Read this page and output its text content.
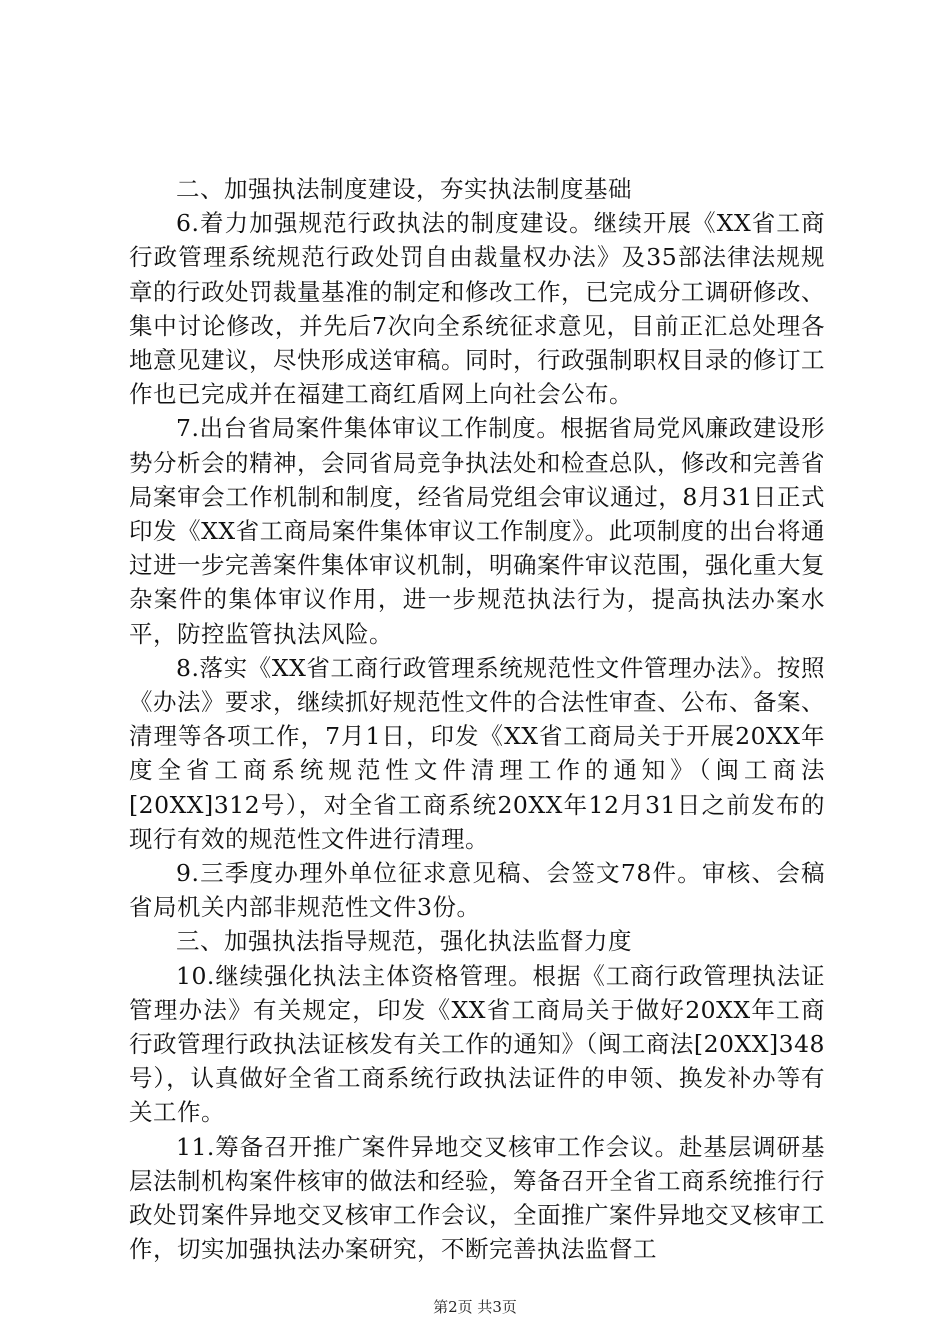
二、加强执法制度建设，夯实执法制度基础

6.着力加强规范行政执法的制度建设。继续开展《XX省工商行政管理系统规范行政处罚自由裁量权办法》及35部法律法规规章的行政处罚裁量基准的制定和修改工作，已完成分工调研修改、集中讨论修改，并先后7次向全系统征求意见，目前正汇总处理各地意见建议，尽快形成送审稿。同时，行政强制职权目录的修订工作也已完成并在福建工商红盾网上向社会公布。

7.出台省局案件集体审议工作制度。根据省局党风廉政建设形势分析会的精神，会同省局竞争执法处和检查总队，修改和完善省局案审会工作机制和制度，经省局党组会审议通过，8月31日正式印发《XX省工商局案件集体审议工作制度》。此项制度的出台将通过进一步完善案件集体审议机制，明确案件审议范围，强化重大复杂案件的集体审议作用，进一步规范执法行为，提高执法办案水平，防控监管执法风险。

8.落实《XX省工商行政管理系统规范性文件管理办法》。按照《办法》要求，继续抓好规范性文件的合法性审查、公布、备案、清理等各项工作，7月1日，印发《XX省工商局关于开展20XX年度全省工商系统规范性文件清理工作的通知》（闽工商法[20XX]312号），对全省工商系统20XX年12月31日之前发布的现行有效的规范性文件进行清理。

9.三季度办理外单位征求意见稿、会签文78件。审核、会稿省局机关内部非规范性文件3份。

三、加强执法指导规范，强化执法监督力度

10.继续强化执法主体资格管理。根据《工商行政管理执法证管理办法》有关规定，印发《XX省工商局关于做好20XX年工商行政管理行政执法证核发有关工作的通知》（闽工商法[20XX]348号），认真做好全省工商系统行政执法证件的申领、换发补办等有关工作。

11.筹备召开推广案件异地交叉核审工作会议。赴基层调研基层法制机构案件核审的做法和经验，筹备召开全省工商系统推行行政处罚案件异地交叉核审工作会议，全面推广案件异地交叉核审工作，切实加强执法办案研究，不断完善执法监督工

第2页 共3页
